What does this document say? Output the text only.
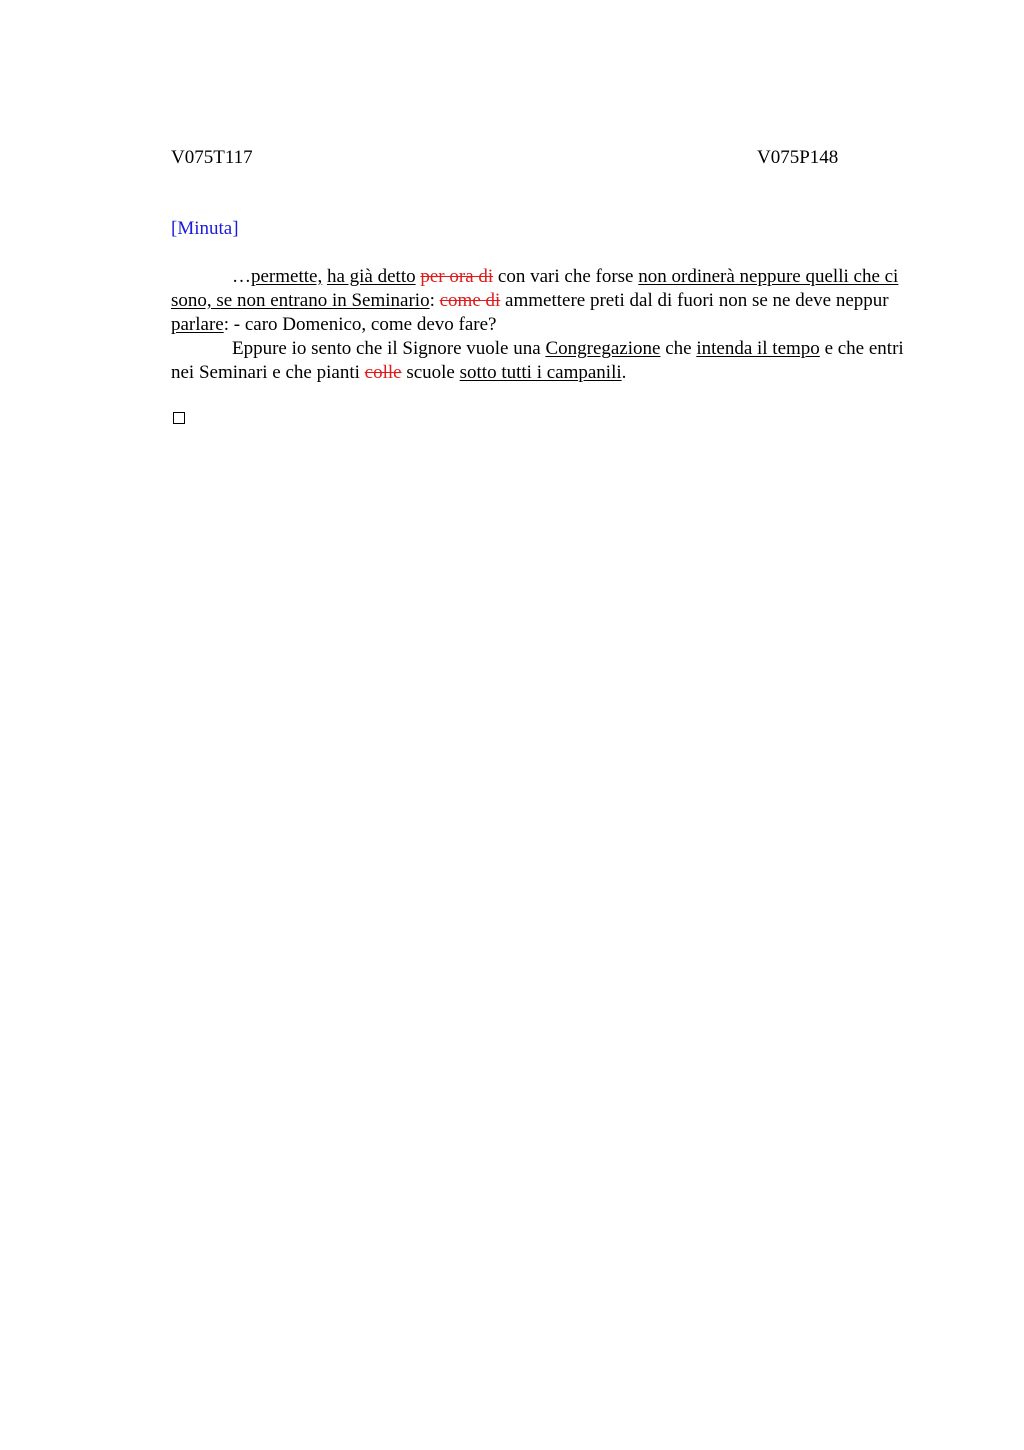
V075T117	V075P148
[Minuta]

…permette, ha già detto per ora di con vari che forse non ordinerà neppure quelli che ci sono, se non entrano in Seminario: come di ammettere preti dal di fuori non se ne deve neppur parlare: - caro Domenico, come devo fare?

Eppure io sento che il Signore vuole una Congregazione che intenda il tempo e che entri nei Seminari e che pianti colle scuole sotto tutti i campanili.
